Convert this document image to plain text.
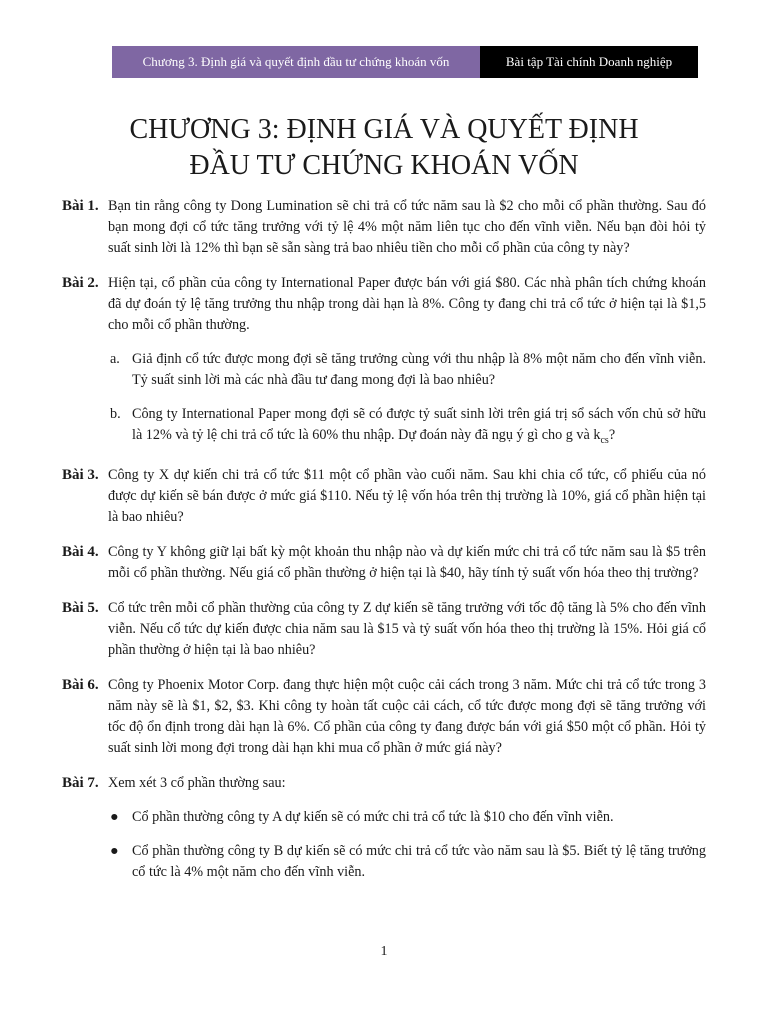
Chương 3. Định giá và quyết định đầu tư chứng khoán vốn	Bài tập Tài chính Doanh nghiệp
CHƯƠNG 3: ĐỊNH GIÁ VÀ QUYẾT ĐỊNH
ĐẦU TƯ CHỨNG KHOÁN VỐN
Bài 1. Bạn tin rằng công ty Dong Lumination sẽ chi trả cổ tức năm sau là $2 cho mỗi cổ phần thường. Sau đó bạn mong đợi cổ tức tăng trưởng với tỷ lệ 4% một năm liên tục cho đến vĩnh viễn. Nếu bạn đòi hỏi tỷ suất sinh lời là 12% thì bạn sẽ sẵn sàng trả bao nhiêu tiền cho mỗi cổ phần của công ty này?

Bài 2. Hiện tại, cổ phần của công ty International Paper được bán với giá $80. Các nhà phân tích chứng khoán đã dự đoán tỷ lệ tăng trưởng thu nhập trong dài hạn là 8%. Công ty đang chi trả cổ tức ở hiện tại là $1,5 cho mỗi cổ phần thường.

a. Giả định cổ tức được mong đợi sẽ tăng trưởng cùng với thu nhập là 8% một năm cho đến vĩnh viễn. Tỷ suất sinh lời mà các nhà đầu tư đang mong đợi là bao nhiêu?
b. Công ty International Paper mong đợi sẽ có được tỷ suất sinh lời trên giá trị sổ sách vốn chủ sở hữu là 12% và tỷ lệ chi trả cổ tức là 60% thu nhập. Dự đoán này đã ngụ ý gì cho g và $k_{cs}$?
Bài 3. Công ty X dự kiến chi trả cổ tức $11 một cổ phần vào cuối năm. Sau khi chia cổ tức, cổ phiếu của nó được dự kiến sẽ bán được ở mức giá $110. Nếu tỷ lệ vốn hóa trên thị trường là 10%, giá cổ phần hiện tại là bao nhiêu?

Bài 4. Công ty Y không giữ lại bất kỳ một khoản thu nhập nào và dự kiến mức chi trả cổ tức năm sau là $5 trên mỗi cổ phần thường. Nếu giá cổ phần thường ở hiện tại là $40, hãy tính tỷ suất vốn hóa theo thị trường?

Bài 5. Cổ tức trên mỗi cổ phần thường của công ty Z dự kiến sẽ tăng trưởng với tốc độ tăng là 5% cho đến vĩnh viễn. Nếu cổ tức dự kiến được chia năm sau là $15 và tỷ suất vốn hóa theo thị trường là 15%. Hỏi giá cổ phần thường ở hiện tại là bao nhiêu?

Bài 6. Công ty Phoenix Motor Corp. đang thực hiện một cuộc cải cách trong 3 năm. Mức chi trả cổ tức trong 3 năm này sẽ là $1, $2, $3. Khi công ty hoàn tất cuộc cải cách, cổ tức được mong đợi sẽ tăng trưởng với tốc độ ổn định trong dài hạn là 6%. Cổ phần của công ty đang được bán với giá $50 một cổ phần. Hỏi tỷ suất sinh lời mong đợi trong dài hạn khi mua cổ phần ở mức giá này?

Bài 7. Xem xét 3 cổ phần thường sau:

● Cổ phần thường công ty A dự kiến sẽ có mức chi trả cổ tức là $10 cho đến vĩnh viễn.
● Cổ phần thường công ty B dự kiến sẽ có mức chi trả cổ tức vào năm sau là $5. Biết tỷ lệ tăng trưởng cổ tức là 4% một năm cho đến vĩnh viễn.
1
